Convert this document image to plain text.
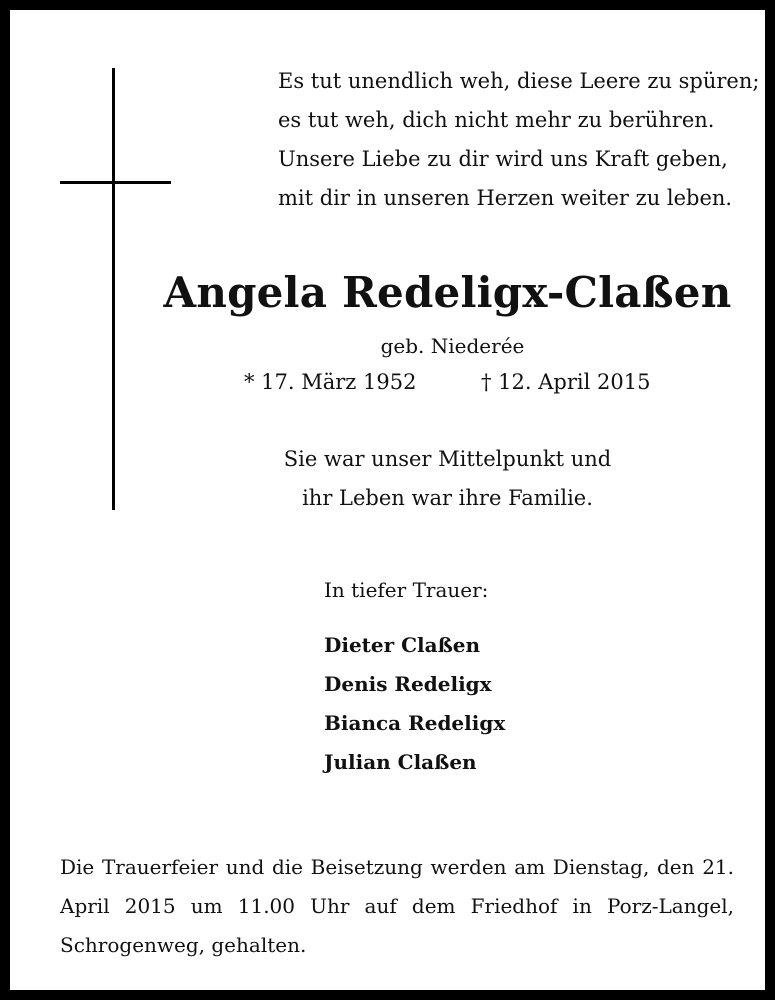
Es tut unendlich weh, diese Leere zu spüren;
es tut weh, dich nicht mehr zu berühren.
Unsere Liebe zu dir wird uns Kraft geben,
mit dir in unseren Herzen weiter zu leben.
Angela Redeligx-Claßen
geb. Niederée
* 17. März 1952	† 12. April 2015
Sie war unser Mittelpunkt und
ihr Leben war ihre Familie.
In tiefer Trauer:
Dieter Claßen
Denis Redeligx
Bianca Redeligx
Julian Claßen
Die Trauerfeier und die Beisetzung werden am Dienstag, den 21. April 2015 um 11.00 Uhr auf dem Friedhof in Porz-Langel, Schrogenweg, gehalten.
